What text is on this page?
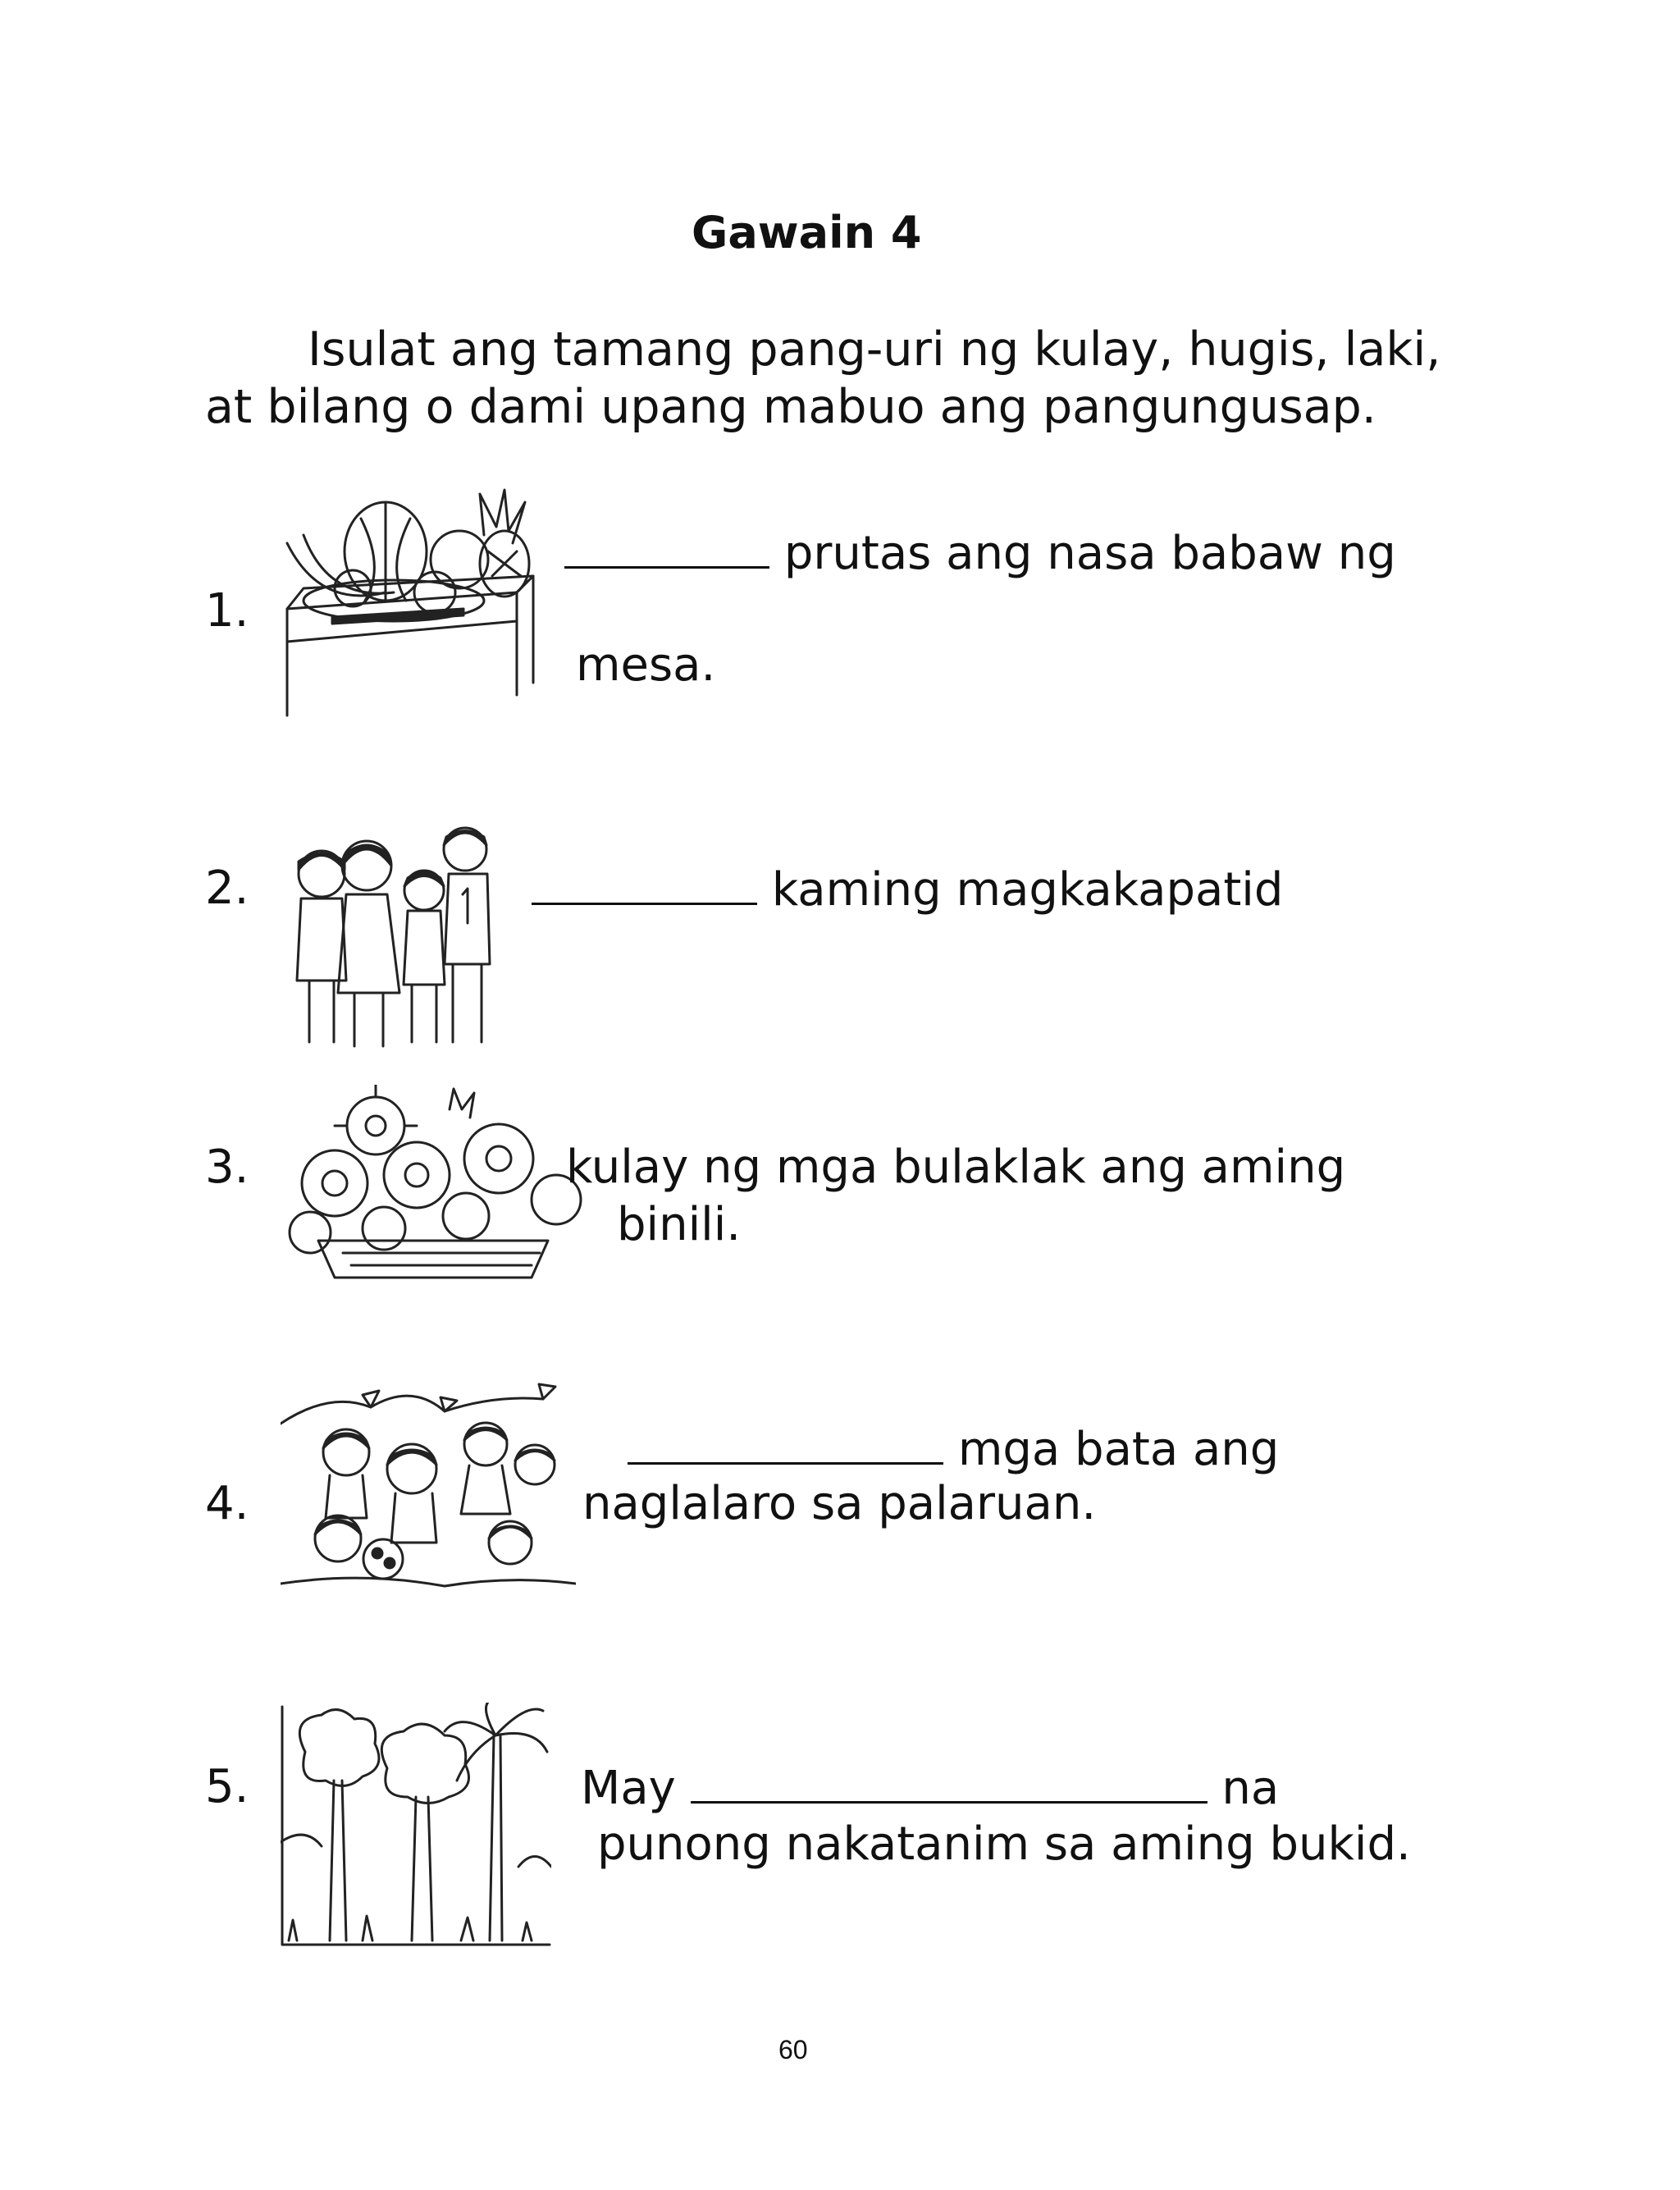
Gawain 4
Isulat ang tamang pang-uri ng kulay, hugis, laki,
at bilang o dami upang mabuo ang pangungusap.
1.
prutas ang nasa babaw ng
mesa.
2.	kaming magkakapatid
3.	kulay ng mga bulaklak ang aming
binili.
4.
mga bata ang
naglalaro sa palaruan.
5.	May	na
punong nakatanim sa aming bukid.
60
